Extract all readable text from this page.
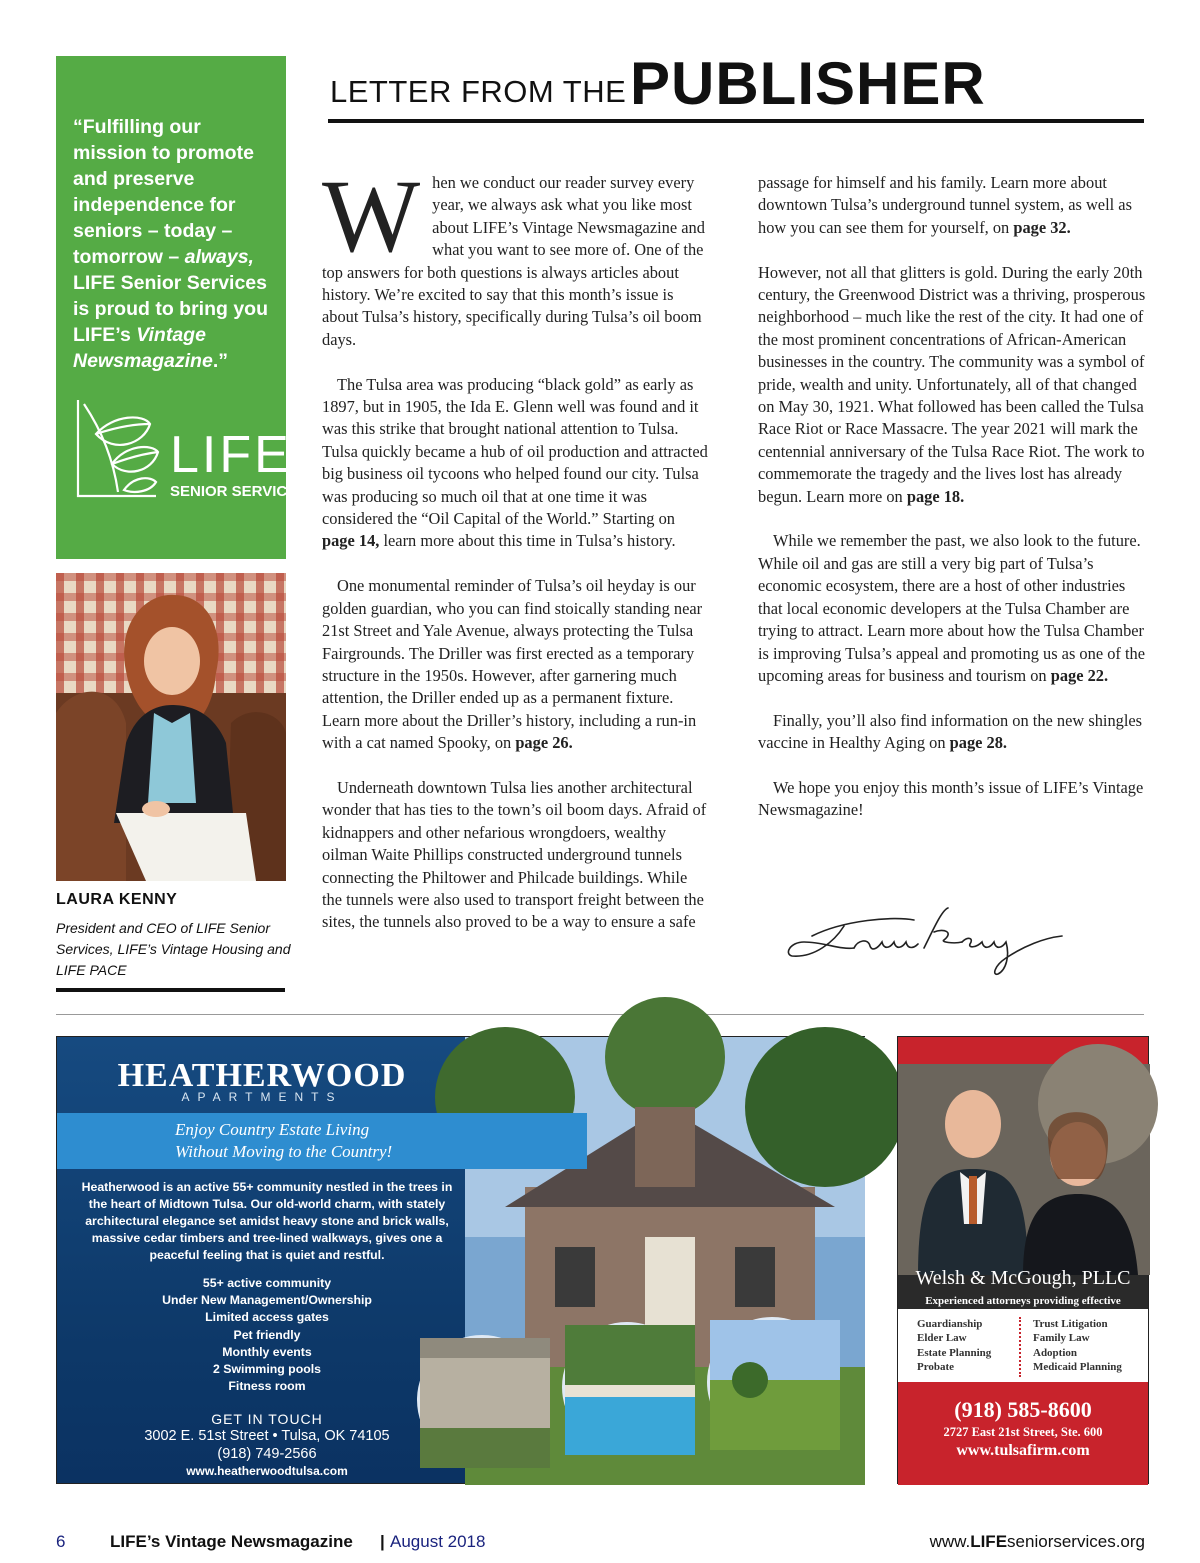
LETTER FROM THE PUBLISHER
“Fulfilling our mission to promote and preserve independence for seniors – today – tomorrow – always, LIFE Senior Services is proud to bring you LIFE’s Vintage Newsmagazine.”
LIFE
SENIOR SERVICES
LAURA KENNY
President and CEO of LIFE Senior Services, LIFE’s Vintage Housing and LIFE PACE

When we conduct our reader survey every year, we always ask what you like most about LIFE’s Vintage Newsmagazine and what you want to see more of. One of the top answers for both questions is always articles about history. We’re excited to say that this month’s issue is about Tulsa’s history, specifically during Tulsa’s oil boom days.

The Tulsa area was producing “black gold” as early as 1897, but in 1905, the Ida E. Glenn well was found and it was this strike that brought national attention to Tulsa. Tulsa quickly became a hub of oil production and attracted big business oil tycoons who helped found our city. Tulsa was producing so much oil that at one time it was considered the “Oil Capital of the World.” Starting on page 14, learn more about this time in Tulsa’s history.

One monumental reminder of Tulsa’s oil heyday is our golden guardian, who you can find stoically standing near 21st Street and Yale Avenue, always protecting the Tulsa Fairgrounds. The Driller was first erected as a temporary structure in the 1950s. However, after garnering much attention, the Driller ended up as a permanent fixture. Learn more about the Driller’s history, including a run-in with a cat named Spooky, on page 26.

Underneath downtown Tulsa lies another architectural wonder that has ties to the town’s oil boom days. Afraid of kidnappers and other nefarious wrongdoers, wealthy oilman Waite Phillips constructed underground tunnels connecting the Philtower and Philcade buildings. While the tunnels were also used to transport freight between the sites, the tunnels also proved to be a way to ensure a safe

passage for himself and his family. Learn more about downtown Tulsa’s underground tunnel system, as well as how you can see them for yourself, on page 32.

However, not all that glitters is gold. During the early 20th century, the Greenwood District was a thriving, prosperous neighborhood – much like the rest of the city. It had one of the most prominent concentrations of African-American businesses in the country. The community was a symbol of pride, wealth and unity. Unfortunately, all of that changed on May 30, 1921. What followed has been called the Tulsa Race Riot or Race Massacre. The year 2021 will mark the centennial anniversary of the Tulsa Race Riot. The work to commemorate the tragedy and the lives lost has already begun. Learn more on page 18.

While we remember the past, we also look to the future. While oil and gas are still a very big part of Tulsa’s economic ecosystem, there are a host of other industries that local economic developers at the Tulsa Chamber are trying to attract. Learn more about how the Tulsa Chamber is improving Tulsa’s appeal and promoting us as one of the upcoming areas for business and tourism on page 22.

Finally, you’ll also find information on the new shingles vaccine in Healthy Aging on page 28.

We hope you enjoy this month’s issue of LIFE’s Vintage Newsmagazine!

HEATHERWOOD
APARTMENTS
Enjoy Country Estate Living
Without Moving to the Country!
Heatherwood is an active 55+ community nestled in the trees in the heart of Midtown Tulsa. Our old-world charm, with stately architectural elegance set amidst heavy stone and brick walls, massive cedar timbers and tree-lined walkways, gives one a peaceful feeling that is quiet and restful.
55+ active community
Under New Management/Ownership
Limited access gates
Pet friendly
Monthly events
2 Swimming pools
Fitness room
GET IN TOUCH
3002 E. 51st Street • Tulsa, OK 74105
(918) 749-2566
www.heatherwoodtulsa.com
Welsh & McGough, PLLC
Experienced attorneys providing effective
Guardianship
Elder Law
Estate Planning
Probate
Trust Litigation
Family Law
Adoption
Medicaid Planning
(918) 585-8600
2727 East 21st Street, Ste. 600
www.tulsafirm.com
6	LIFE’s Vintage Newsmagazine | August 2018	www.LIFEseniorservices.org
